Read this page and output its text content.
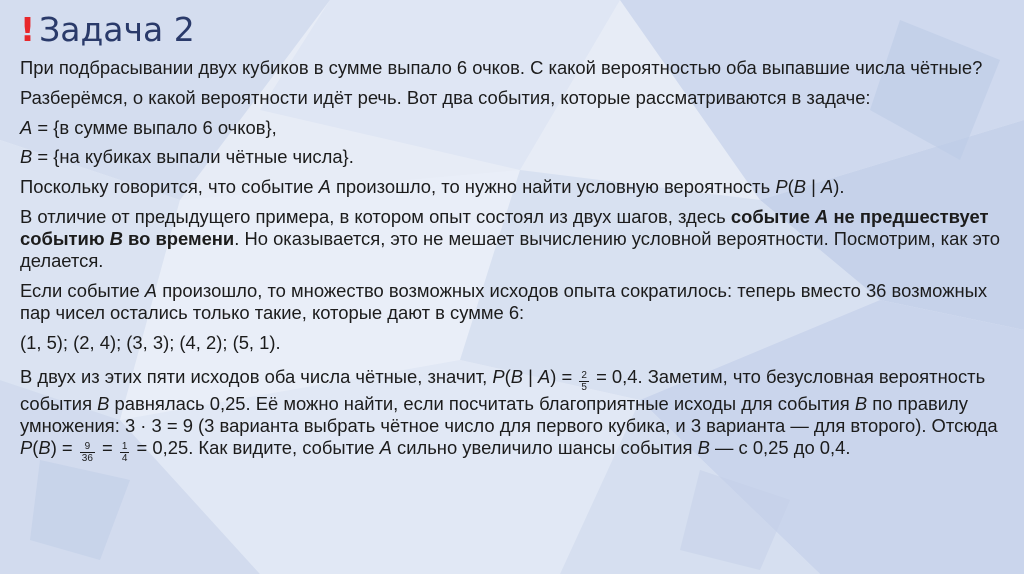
! Задача 2

При подбрасывании двух кубиков в сумме выпало 6 очков. С какой вероятностью оба выпавшие числа чётные?

Разберёмся, о какой вероятности идёт речь. Вот два события, которые рассматриваются в задаче:

A = {в сумме выпало 6 очков},

B = {на кубиках выпали чётные числа}.

Поскольку говорится, что событие A произошло, то нужно найти условную вероятность P(B | A).

В отличие от предыдущего примера, в котором опыт состоял из двух шагов, здесь событие A не предшествует событию B во времени. Но оказывается, это не мешает вычислению условной вероятности. Посмотрим, как это делается.

Если событие A произошло, то множество возможных исходов опыта сократилось: теперь вместо 36 возможных пар чисел остались только такие, которые дают в сумме 6:

(1, 5); (2, 4); (3, 3); (4, 2); (5, 1).

В двух из этих пяти исходов оба числа чётные, значит, P(B | $A) = \frac{2}{5} = 0,4$. Заметим, что безусловная вероятность события B равнялась 0,25. Её можно найти, если посчитать благоприятные исходы для события B по правилу умножения: 3 · 3 = 9 (3 варианта выбрать чётное число для первого кубика, и 3 варианта — для второго). Отсюда $P(B) = \frac{9}{36} = \frac{1}{4} = 0,25$. Как видите, событие A сильно увеличило шансы события B — с 0,25 до 0,4.
